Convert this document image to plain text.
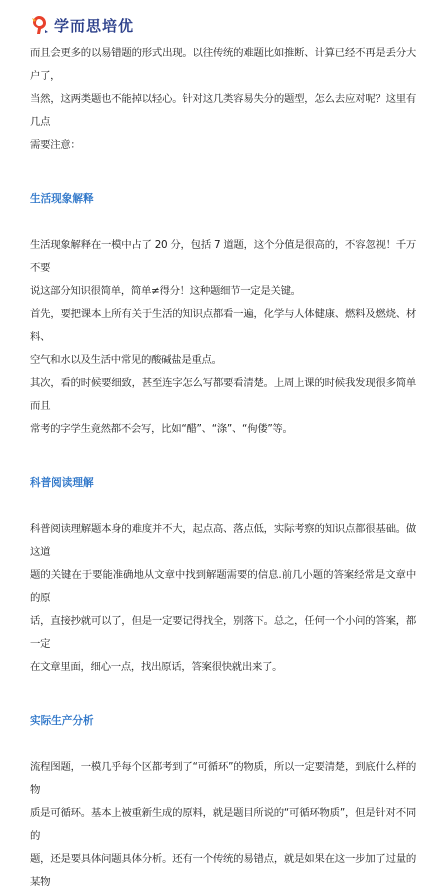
学而思培优

而且会更多的以易错题的形式出现。以往传统的难题比如推断、计算已经不再是丢分大户了，

当然，这两类题也不能掉以轻心。针对这几类容易失分的题型，怎么去应对呢？这里有几点

需要注意：

生活现象解释

生活现象解释在一模中占了 20 分，包括 7 道题，这个分值是很高的，不容忽视！千万不要

说这部分知识很简单，简单≠得分！这种题细节一定是关键。

首先，要把课本上所有关于生活的知识点都看一遍，化学与人体健康、燃料及燃烧、材料、

空气和水以及生活中常见的酸碱盐是重点。

其次，看的时候要细致，甚至连字怎么写都要看清楚。上周上课的时候我发现很多简单而且

常考的字学生竟然都不会写，比如“醋”、“涤”、“佝偻”等。

科普阅读理解

科普阅读理解题本身的难度并不大，起点高、落点低，实际考察的知识点都很基础。做这道

题的关键在于要能准确地从文章中找到解题需要的信息.前几小题的答案经常是文章中的原

话，直接抄就可以了，但是一定要记得找全，别落下。总之，任何一个小问的答案，都一定

在文章里面，细心一点，找出原话，答案很快就出来了。

实际生产分析

流程图题，一模几乎每个区都考到了“可循环”的物质，所以一定要清楚，到底什么样的物

质是可循环。基本上被重新生成的原料，就是题目所说的“可循环物质”，但是针对不同的

题，还是要具体问题具体分析。还有一个传统的易错点，就是如果在这一步加了过量的某物
